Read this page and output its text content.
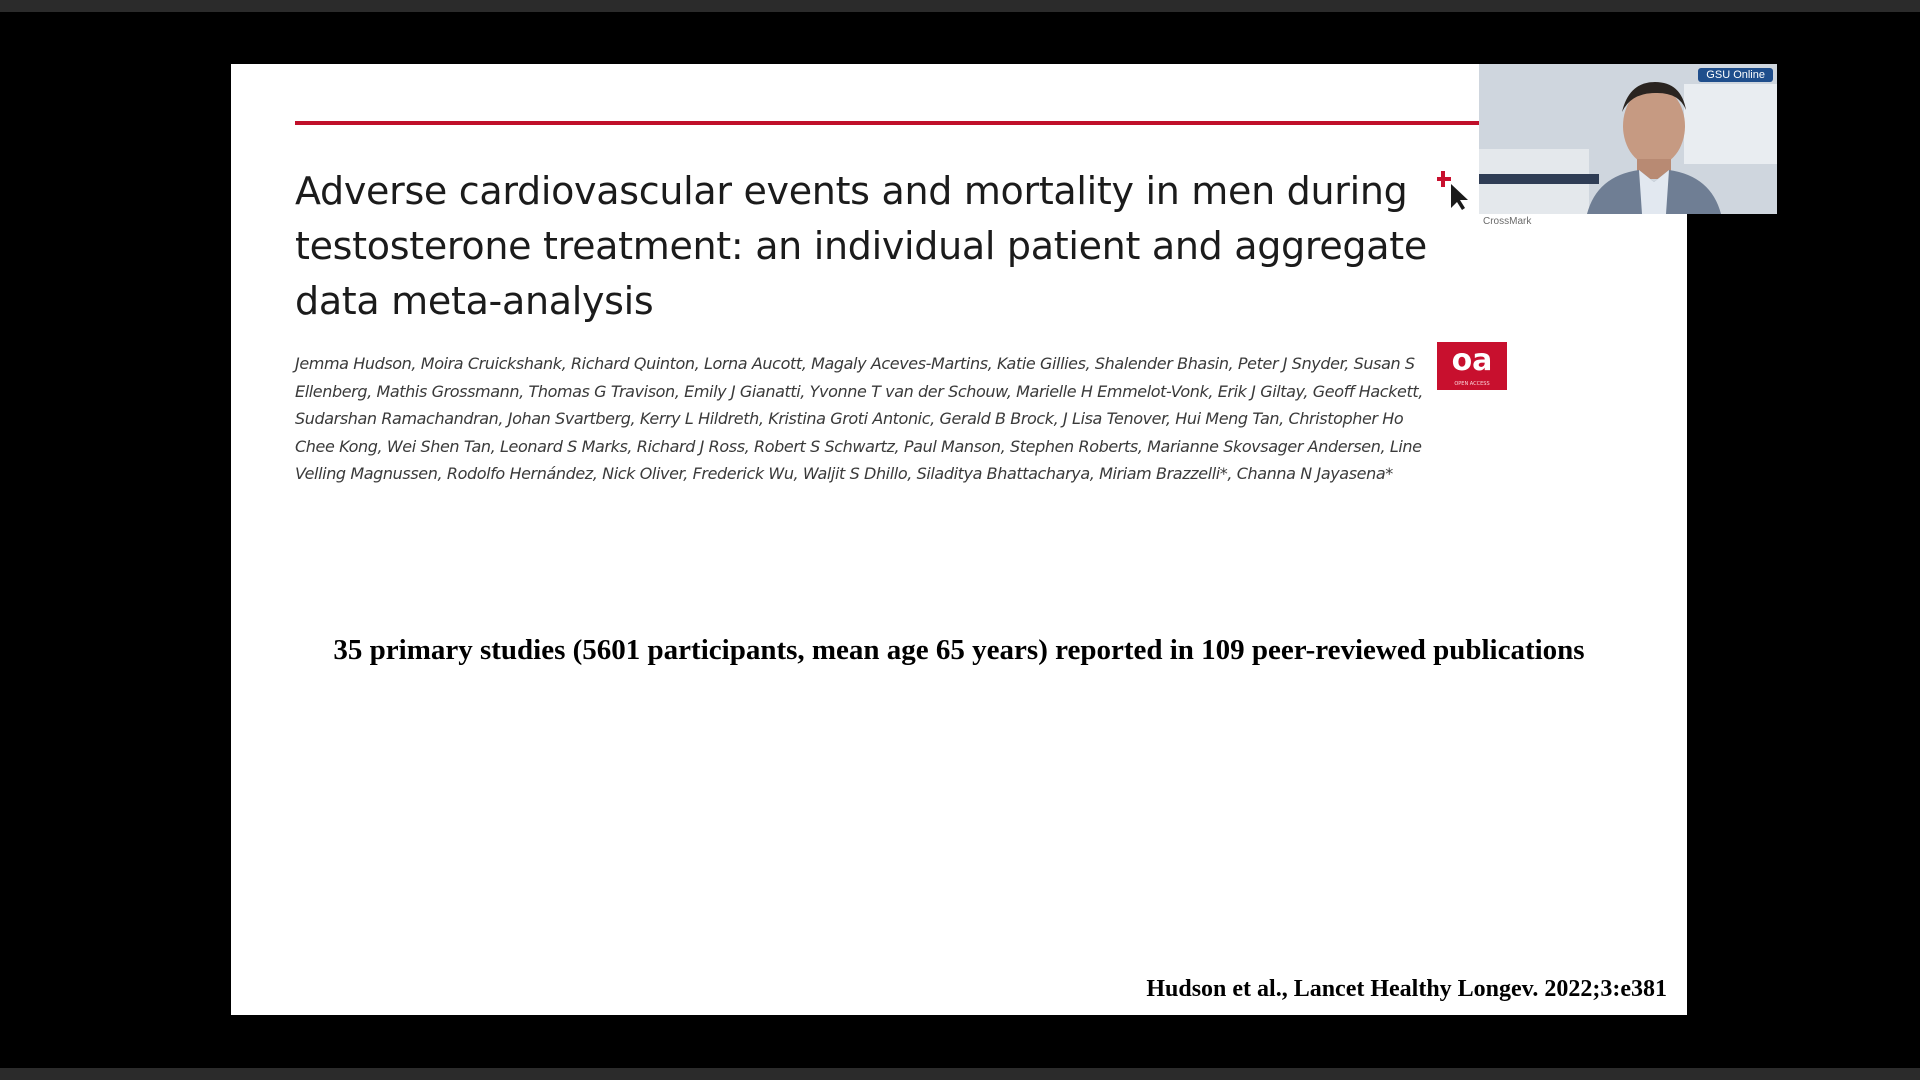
Adverse cardiovascular events and mortality in men during testosterone treatment: an individual patient and aggregate data meta-analysis
CrossMark
oa
OPEN ACCESS
Jemma Hudson, Moira Cruickshank, Richard Quinton, Lorna Aucott, Magaly Aceves-Martins, Katie Gillies, Shalender Bhasin, Peter J Snyder, Susan S Ellenberg, Mathis Grossmann, Thomas G Travison, Emily J Gianatti, Yvonne T van der Schouw, Marielle H Emmelot-Vonk, Erik J Giltay, Geoff Hackett, Sudarshan Ramachandran, Johan Svartberg, Kerry L Hildreth, Kristina Groti Antonic, Gerald B Brock, J Lisa Tenover, Hui Meng Tan, Christopher Ho Chee Kong, Wei Shen Tan, Leonard S Marks, Richard J Ross, Robert S Schwartz, Paul Manson, Stephen Roberts, Marianne Skovsager Andersen, Line Velling Magnussen, Rodolfo Hernández, Nick Oliver, Frederick Wu, Waljit S Dhillo, Siladitya Bhattacharya, Miriam Brazzelli*, Channa N Jayasena*
35 primary studies (5601 participants, mean age 65 years) reported in 109 peer-reviewed publications
Hudson et al., Lancet Healthy Longev. 2022;3:e381
GSU Online
